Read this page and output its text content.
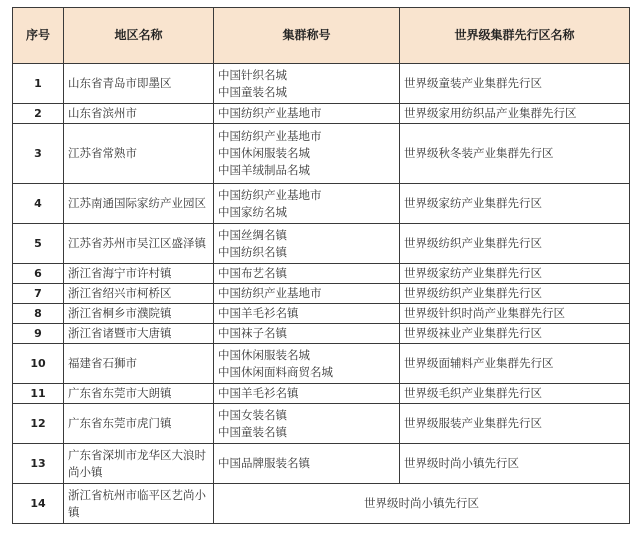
序号	地区名称	集群称号	世界级集群先行区名称
1	山东省青岛市即墨区	中国针织名城
中国童装名城	世界级童装产业集群先行区
2	山东省滨州市	中国纺织产业基地市	世界级家用纺织品产业集群先行区
3	江苏省常熟市	中国纺织产业基地市
中国休闲服装名城
中国羊绒制品名城	世界级秋冬装产业集群先行区
4	江苏南通国际家纺产业园区	中国纺织产业基地市
中国家纺名城	世界级家纺产业集群先行区
5	江苏省苏州市吴江区盛泽镇	中国丝绸名镇
中国纺织名镇	世界级纺织产业集群先行区
6	浙江省海宁市许村镇	中国布艺名镇	世界级家纺产业集群先行区
7	浙江省绍兴市柯桥区	中国纺织产业基地市	世界级纺织产业集群先行区
8	浙江省桐乡市濮院镇	中国羊毛衫名镇	世界级针织时尚产业集群先行区
9	浙江省诸暨市大唐镇	中国袜子名镇	世界级袜业产业集群先行区
10	福建省石狮市	中国休闲服装名城
中国休闲面料商贸名城	世界级面辅料产业集群先行区
11	广东省东莞市大朗镇	中国羊毛衫名镇	世界级毛织产业集群先行区
12	广东省东莞市虎门镇	中国女装名镇
中国童装名镇	世界级服装产业集群先行区
13	广东省深圳市龙华区大浪时尚小镇	中国品牌服装名镇	世界级时尚小镇先行区
14	浙江省杭州市临平区艺尚小镇	世界级时尚小镇先行区	
